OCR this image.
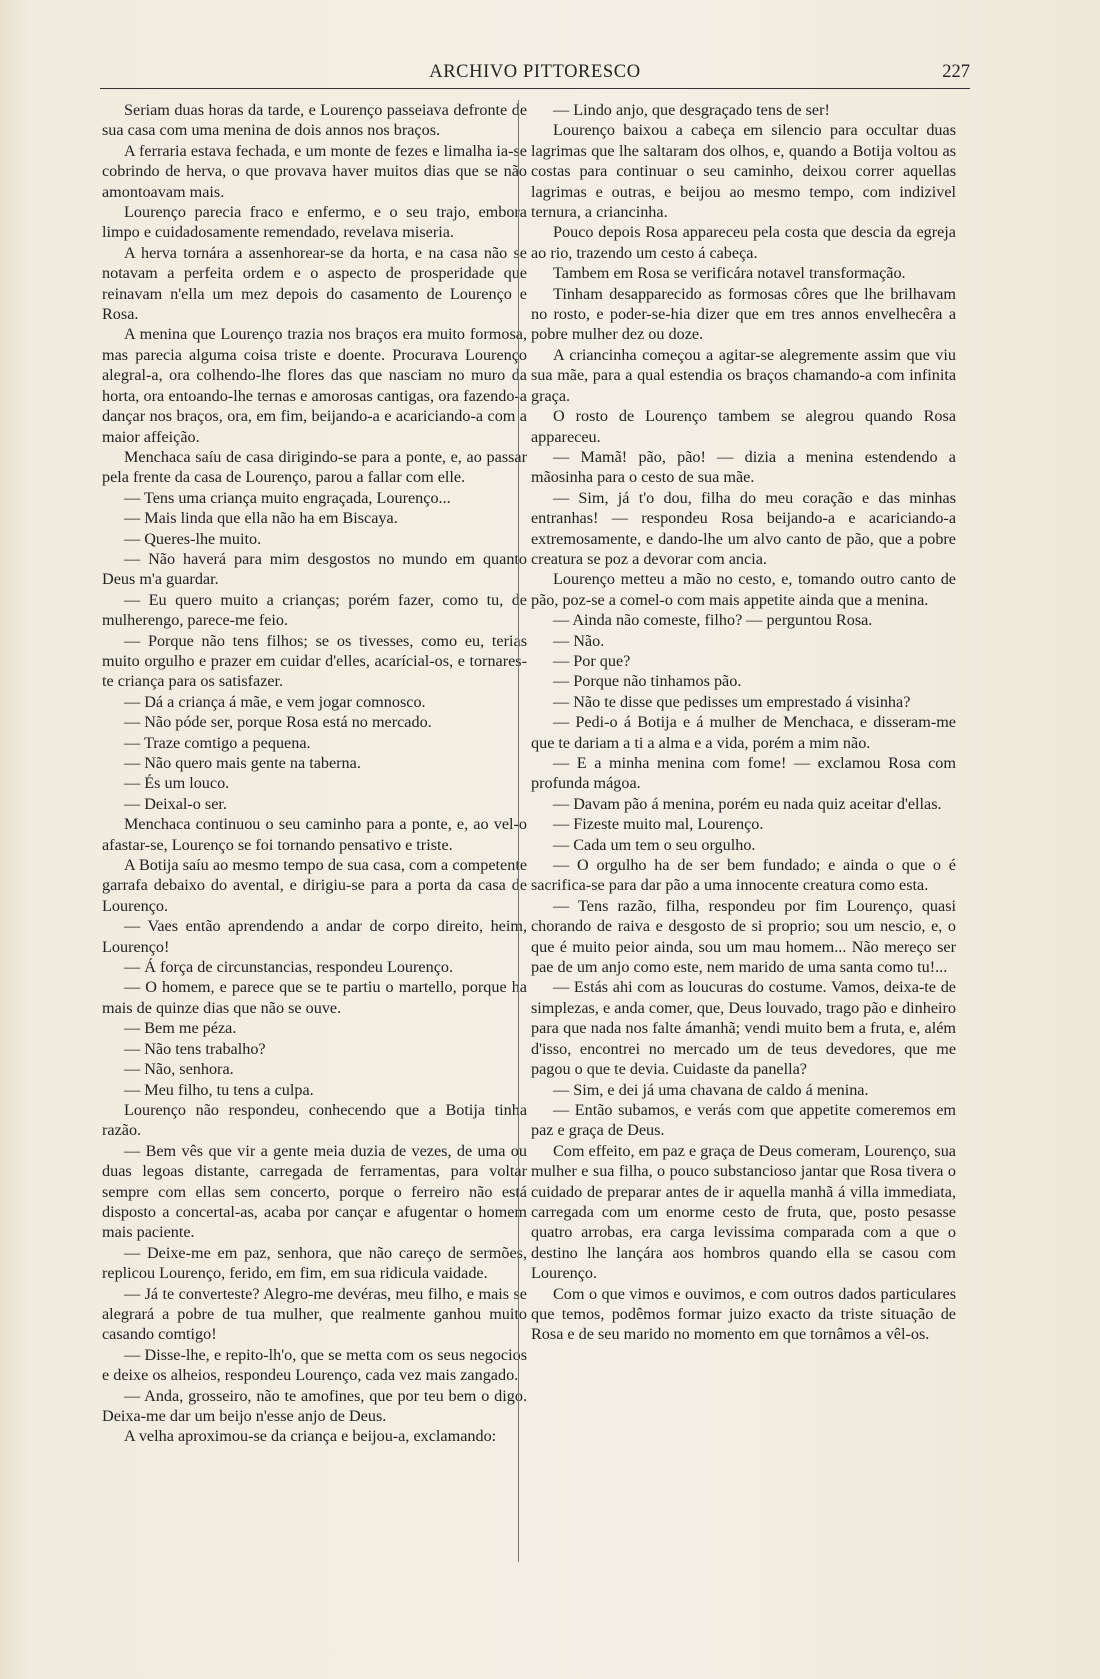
ARCHIVO PITTORESCO	227

Seriam duas horas da tarde, e Lourenço passeiava defronte de sua casa com uma menina de dois annos nos braços.

A ferraria estava fechada, e um monte de fezes e limalha ia-se cobrindo de herva, o que provava haver muitos dias que se não amontoavam mais.

Lourenço parecia fraco e enfermo, e o seu trajo, embora limpo e cuidadosamente remendado, revelava miseria.

A herva tornára a assenhorear-se da horta, e na casa não se notavam a perfeita ordem e o aspecto de prosperidade que reinavam n'ella um mez depois do casamento de Lourenço e Rosa.

A menina que Lourenço trazia nos braços era muito formosa, mas parecia alguma coisa triste e doente. Procurava Lourenço alegral-a, ora colhendo-lhe flores das que nasciam no muro da horta, ora entoando-lhe ternas e amorosas cantigas, ora fazendo-a dançar nos braços, ora, em fim, beijando-a e acariciando-a com a maior affeição.

Menchaca saíu de casa dirigindo-se para a ponte, e, ao passar pela frente da casa de Lourenço, parou a fallar com elle.

— Tens uma criança muito engraçada, Lourenço...

— Mais linda que ella não ha em Biscaya.

— Queres-lhe muito.

— Não haverá para mim desgostos no mundo em quanto Deus m'a guardar.

— Eu quero muito a crianças; porém fazer, como tu, de mulherengo, parece-me feio.

— Porque não tens filhos; se os tivesses, como eu, terias muito orgulho e prazer em cuidar d'elles, acarícial-os, e tornares-te criança para os satisfazer.

— Dá a criança á mãe, e vem jogar comnosco.

— Não póde ser, porque Rosa está no mercado.

— Traze comtigo a pequena.

— Não quero mais gente na taberna.

— És um louco.

— Deixal-o ser.

Menchaca continuou o seu caminho para a ponte, e, ao vel-o afastar-se, Lourenço se foi tornando pensativo e triste.

A Botija saíu ao mesmo tempo de sua casa, com a competente garrafa debaixo do avental, e dirigiu-se para a porta da casa de Lourenço.

— Vaes então aprendendo a andar de corpo direito, heim, Lourenço!

— Á força de circunstancias, respondeu Lourenço.

— O homem, e parece que se te partiu o martello, porque ha mais de quinze dias que não se ouve.

— Bem me péza.

— Não tens trabalho?

— Não, senhora.

— Meu filho, tu tens a culpa.

Lourenço não respondeu, conhecendo que a Botija tinha razão.

— Bem vês que vir a gente meia duzia de vezes, de uma ou duas legoas distante, carregada de ferramentas, para voltar sempre com ellas sem concerto, porque o ferreiro não está disposto a concertal-as, acaba por cançar e afugentar o homem mais paciente.

— Deixe-me em paz, senhora, que não careço de sermões, replicou Lourenço, ferido, em fim, em sua ridicula vaidade.

— Já te converteste? Alegro-me devéras, meu filho, e mais se alegrará a pobre de tua mulher, que realmente ganhou muito casando comtigo!

— Disse-lhe, e repito-lh'o, que se metta com os seus negocios e deixe os alheios, respondeu Lourenço, cada vez mais zangado.

— Anda, grosseiro, não te amofines, que por teu bem o digo. Deixa-me dar um beijo n'esse anjo de Deus.

A velha aproximou-se da criança e beijou-a, exclamando:

— Lindo anjo, que desgraçado tens de ser!

Lourenço baixou a cabeça em silencio para occultar duas lagrimas que lhe saltaram dos olhos, e, quando a Botija voltou as costas para continuar o seu caminho, deixou correr aquellas lagrimas e outras, e beijou ao mesmo tempo, com indizivel ternura, a criancinha.

Pouco depois Rosa appareceu pela costa que descia da egreja ao rio, trazendo um cesto á cabeça.

Tambem em Rosa se verificára notavel transformação.

Tinham desapparecido as formosas côres que lhe brilhavam no rosto, e poder-se-hia dizer que em tres annos envelhecêra a pobre mulher dez ou doze.

A criancinha começou a agitar-se alegremente assim que viu sua mãe, para a qual estendia os braços chamando-a com infinita graça.

O rosto de Lourenço tambem se alegrou quando Rosa appareceu.

— Mamã! pão, pão! — dizia a menina estendendo a mãosinha para o cesto de sua mãe.

— Sim, já t'o dou, filha do meu coração e das minhas entranhas! — respondeu Rosa beijando-a e acariciando-a extremosamente, e dando-lhe um alvo canto de pão, que a pobre creatura se poz a devorar com ancia.

Lourenço metteu a mão no cesto, e, tomando outro canto de pão, poz-se a comel-o com mais appetite ainda que a menina.

— Ainda não comeste, filho? — perguntou Rosa.

— Não.

— Por que?

— Porque não tinhamos pão.

— Não te disse que pedisses um emprestado á visinha?

— Pedi-o á Botija e á mulher de Menchaca, e disseram-me que te dariam a ti a alma e a vida, porém a mim não.

— E a minha menina com fome! — exclamou Rosa com profunda mágoa.

— Davam pão á menina, porém eu nada quiz aceitar d'ellas.

— Fizeste muito mal, Lourenço.

— Cada um tem o seu orgulho.

— O orgulho ha de ser bem fundado; e ainda o que o é sacrifica-se para dar pão a uma innocente creatura como esta.

— Tens razão, filha, respondeu por fim Lourenço, quasi chorando de raiva e desgosto de si proprio; sou um nescio, e, o que é muito peior ainda, sou um mau homem... Não mereço ser pae de um anjo como este, nem marido de uma santa como tu!...

— Estás ahi com as loucuras do costume. Vamos, deixa-te de simplezas, e anda comer, que, Deus louvado, trago pão e dinheiro para que nada nos falte ámanhã; vendi muito bem a fruta, e, além d'isso, encontrei no mercado um de teus devedores, que me pagou o que te devia. Cuidaste da panella?

— Sim, e dei já uma chavana de caldo á menina.

— Então subamos, e verás com que appetite comeremos em paz e graça de Deus.

Com effeito, em paz e graça de Deus comeram, Lourenço, sua mulher e sua filha, o pouco substancioso jantar que Rosa tivera o cuidado de preparar antes de ir aquella manhã á villa immediata, carregada com um enorme cesto de fruta, que, posto pesasse quatro arrobas, era carga levissima comparada com a que o destino lhe lançára aos hombros quando ella se casou com Lourenço.

Com o que vimos e ouvimos, e com outros dados particulares que temos, podêmos formar juizo exacto da triste situação de Rosa e de seu marido no momento em que tornâmos a vêl-os.
